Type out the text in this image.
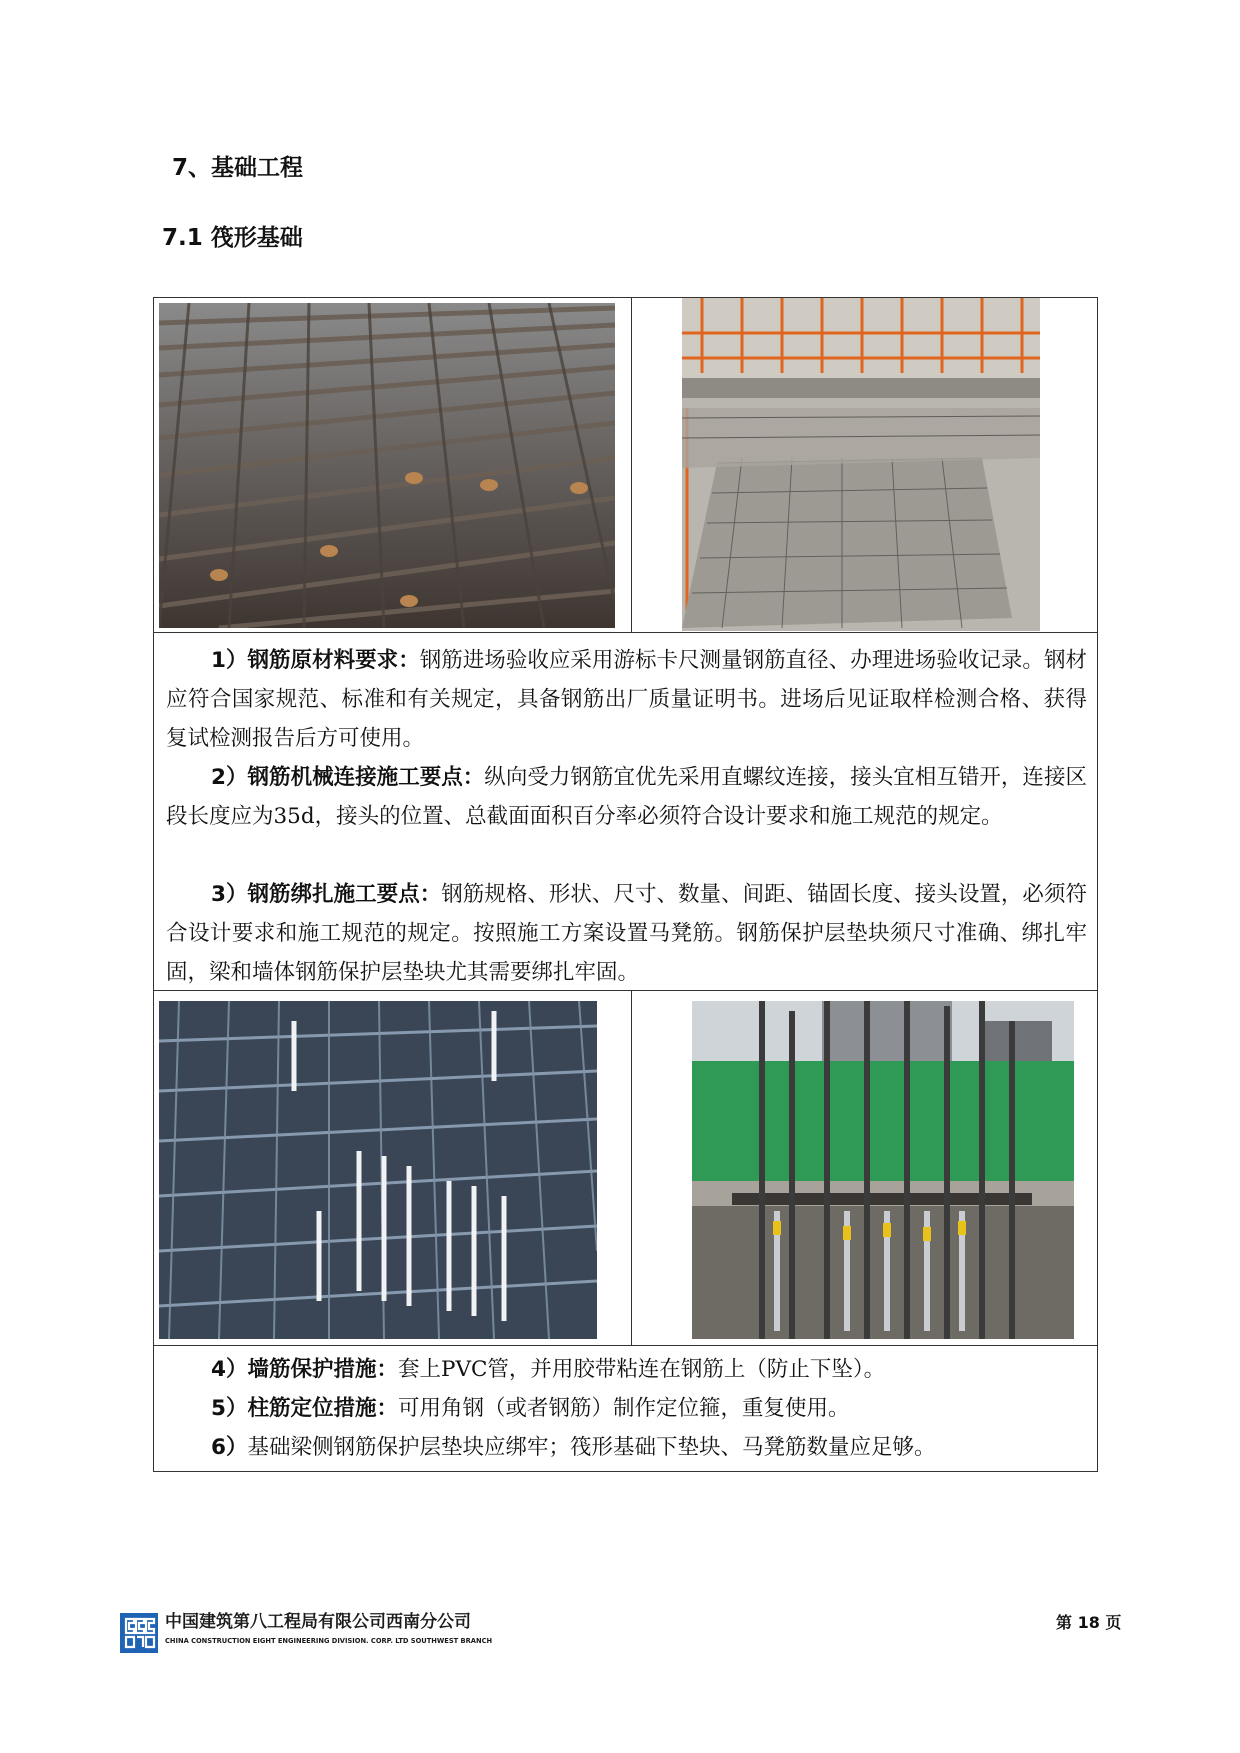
7、基础工程
7.1 筏形基础
1）钢筋原材料要求：钢筋进场验收应采用游标卡尺测量钢筋直径、办理进场验收记录。钢材应符合国家规范、标准和有关规定，具备钢筋出厂质量证明书。进场后见证取样检测合格、获得复试检测报告后方可使用。
2）钢筋机械连接施工要点：纵向受力钢筋宜优先采用直螺纹连接，接头宜相互错开，连接区段长度应为35d，接头的位置、总截面面积百分率必须符合设计要求和施工规范的规定。
3）钢筋绑扎施工要点：钢筋规格、形状、尺寸、数量、间距、锚固长度、接头设置，必须符合设计要求和施工规范的规定。按照施工方案设置马凳筋。钢筋保护层垫块须尺寸准确、绑扎牢固，梁和墙体钢筋保护层垫块尤其需要绑扎牢固。
4）墙筋保护措施：套上PVC管，并用胶带粘连在钢筋上（防止下坠）。
5）柱筋定位措施：可用角钢（或者钢筋）制作定位箍，重复使用。
6）基础梁侧钢筋保护层垫块应绑牢；筏形基础下垫块、马凳筋数量应足够。
中国建筑第八工程局有限公司西南分公司
CHINA CONSTRUCTION EIGHT ENGINEERING DIVISION. CORP. LTD SOUTHWEST BRANCH
第 18 页
